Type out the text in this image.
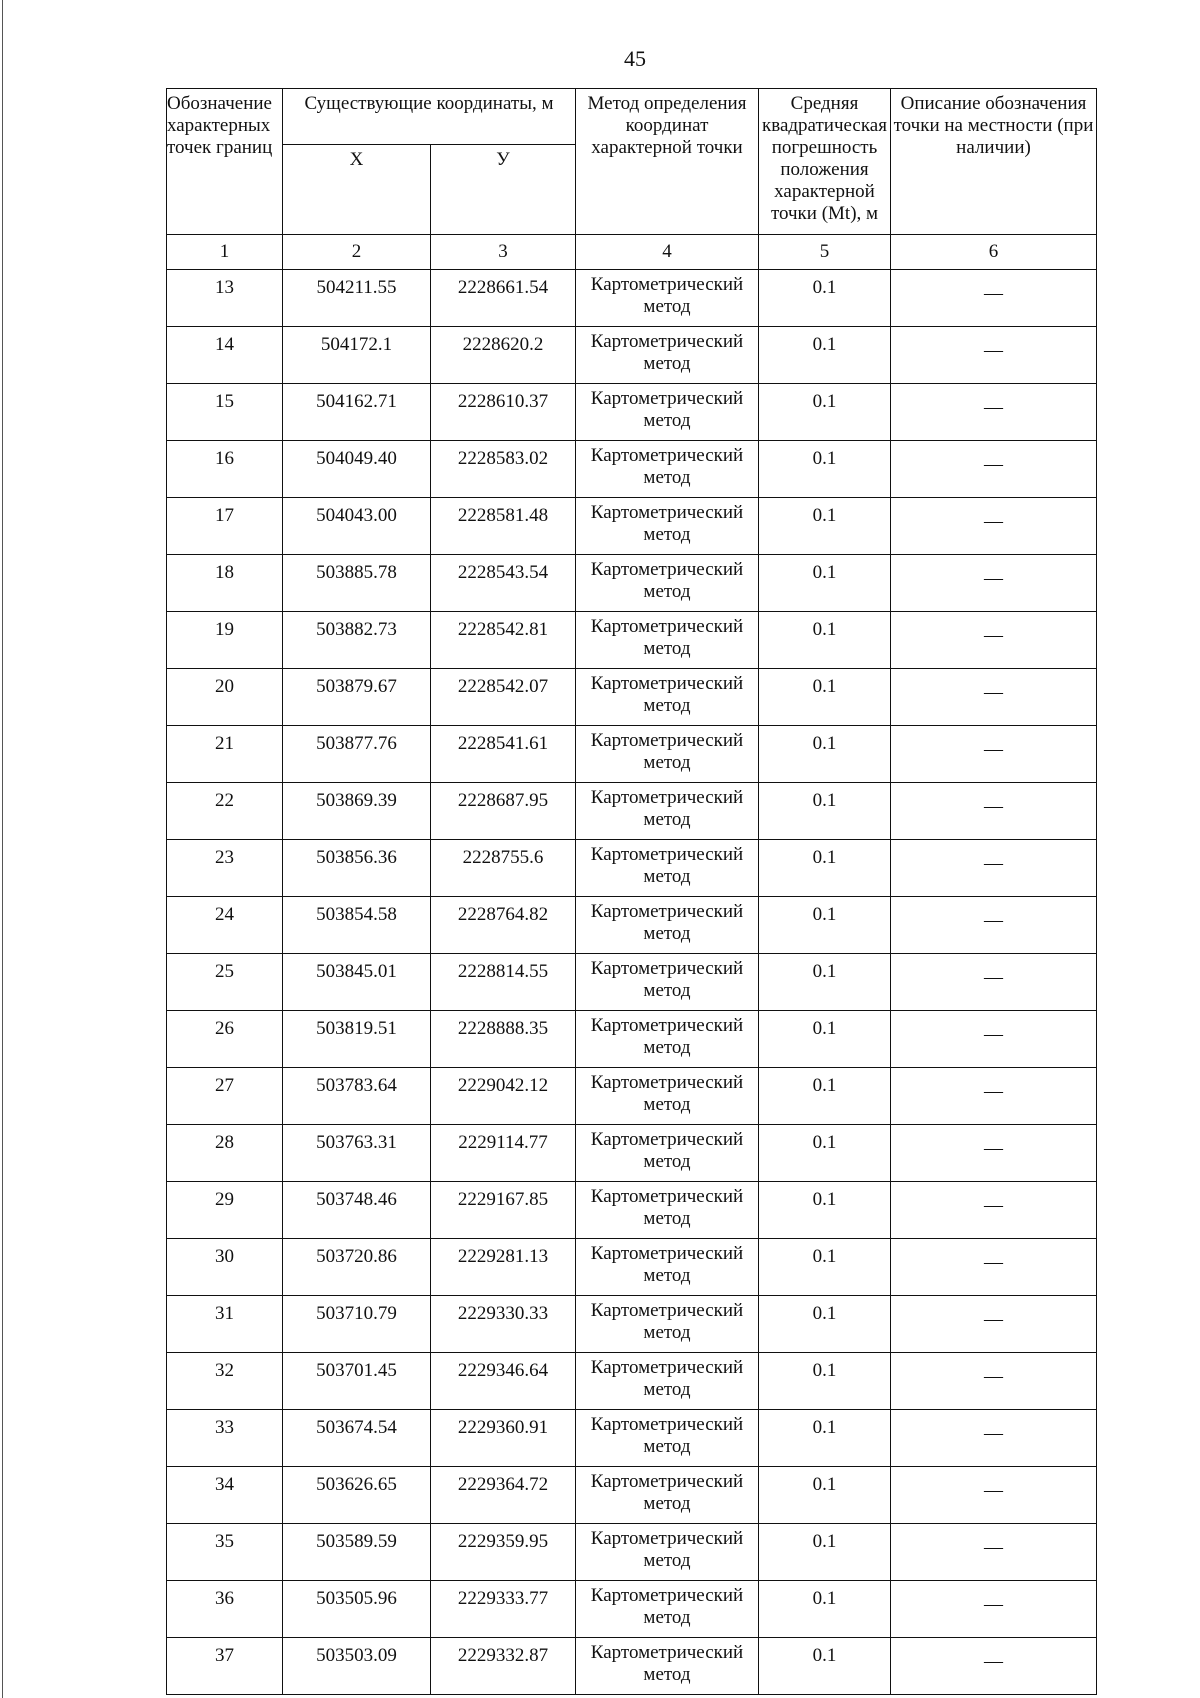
45
Обозначение характерных точек границ	Существующие координаты, м		Метод определения координат характерной точки	Средняя квадратическая погрешность положения характерной точки (Mt), м	Описание обозначения точки на местности (при наличии)
	X	У			
1	2	3	4	5	6
13	504211.55	2228661.54	Картометрический
метод	0.1	—
14	504172.1	2228620.2	Картометрический
метод	0.1	—
15	504162.71	2228610.37	Картометрический
метод	0.1	—
16	504049.40	2228583.02	Картометрический
метод	0.1	—
17	504043.00	2228581.48	Картометрический
метод	0.1	—
18	503885.78	2228543.54	Картометрический
метод	0.1	—
19	503882.73	2228542.81	Картометрический
метод	0.1	—
20	503879.67	2228542.07	Картометрический
метод	0.1	—
21	503877.76	2228541.61	Картометрический
метод	0.1	—
22	503869.39	2228687.95	Картометрический
метод	0.1	—
23	503856.36	2228755.6	Картометрический
метод	0.1	—
24	503854.58	2228764.82	Картометрический
метод	0.1	—
25	503845.01	2228814.55	Картометрический
метод	0.1	—
26	503819.51	2228888.35	Картометрический
метод	0.1	—
27	503783.64	2229042.12	Картометрический
метод	0.1	—
28	503763.31	2229114.77	Картометрический
метод	0.1	—
29	503748.46	2229167.85	Картометрический
метод	0.1	—
30	503720.86	2229281.13	Картометрический
метод	0.1	—
31	503710.79	2229330.33	Картометрический
метод	0.1	—
32	503701.45	2229346.64	Картометрический
метод	0.1	—
33	503674.54	2229360.91	Картометрический
метод	0.1	—
34	503626.65	2229364.72	Картометрический
метод	0.1	—
35	503589.59	2229359.95	Картометрический
метод	0.1	—
36	503505.96	2229333.77	Картометрический
метод	0.1	—
37	503503.09	2229332.87	Картометрический
метод	0.1	—
